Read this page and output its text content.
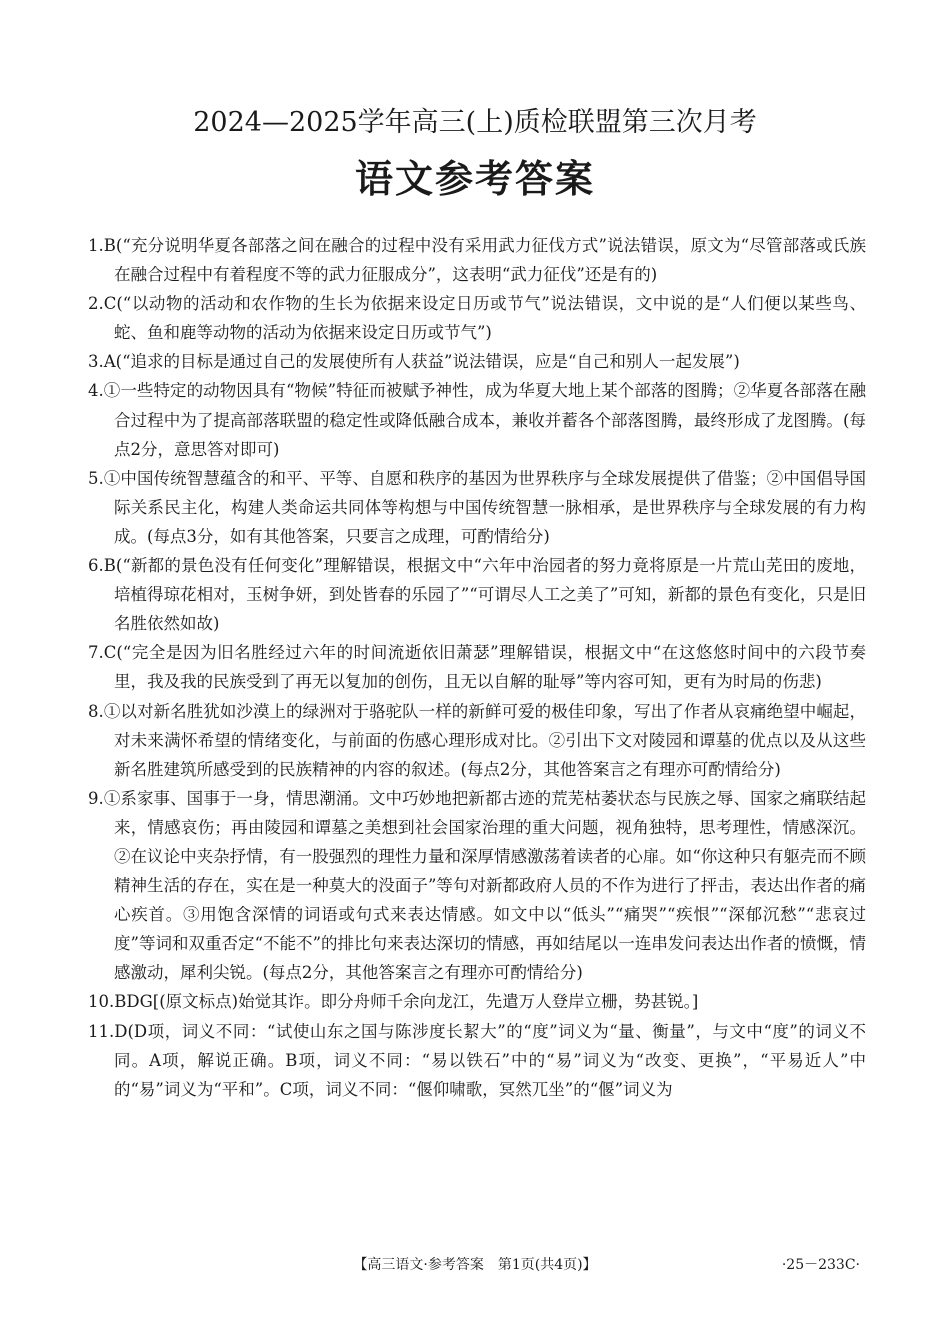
2024—2025学年高三(上)质检联盟第三次月考
语文参考答案
1.B(“充分说明华夏各部落之间在融合的过程中没有采用武力征伐方式”说法错误，原文为“尽管部落或氏族在融合过程中有着程度不等的武力征服成分”，这表明“武力征伐”还是有的)
2.C(“以动物的活动和农作物的生长为依据来设定日历或节气”说法错误，文中说的是“人们便以某些鸟、蛇、鱼和鹿等动物的活动为依据来设定日历或节气”)
3.A(“追求的目标是通过自己的发展使所有人获益”说法错误，应是“自己和别人一起发展”)
4.①一些特定的动物因具有“物候”特征而被赋予神性，成为华夏大地上某个部落的图腾；②华夏各部落在融合过程中为了提高部落联盟的稳定性或降低融合成本，兼收并蓄各个部落图腾，最终形成了龙图腾。(每点2分，意思答对即可)
5.①中国传统智慧蕴含的和平、平等、自愿和秩序的基因为世界秩序与全球发展提供了借鉴；②中国倡导国际关系民主化，构建人类命运共同体等构想与中国传统智慧一脉相承，是世界秩序与全球发展的有力构成。(每点3分，如有其他答案，只要言之成理，可酌情给分)
6.B(“新都的景色没有任何变化”理解错误，根据文中“六年中治园者的努力竟将原是一片荒山芜田的废地，培植得琼花相对，玉树争妍，到处皆春的乐园了”“可谓尽人工之美了”可知，新都的景色有变化，只是旧名胜依然如故)
7.C(“完全是因为旧名胜经过六年的时间流逝依旧萧瑟”理解错误，根据文中“在这悠悠时间中的六段节奏里，我及我的民族受到了再无以复加的创伤，且无以自解的耻辱”等内容可知，更有为时局的伤悲)
8.①以对新名胜犹如沙漠上的绿洲对于骆驼队一样的新鲜可爱的极佳印象，写出了作者从哀痛绝望中崛起，对未来满怀希望的情绪变化，与前面的伤感心理形成对比。②引出下文对陵园和谭墓的优点以及从这些新名胜建筑所感受到的民族精神的内容的叙述。(每点2分，其他答案言之有理亦可酌情给分)
9.①系家事、国事于一身，情思潮涌。文中巧妙地把新都古迹的荒芜枯萎状态与民族之辱、国家之痛联结起来，情感哀伤；再由陵园和谭墓之美想到社会国家治理的重大问题，视角独特，思考理性，情感深沉。②在议论中夹杂抒情，有一股强烈的理性力量和深厚情感激荡着读者的心扉。如“你这种只有躯壳而不顾精神生活的存在，实在是一种莫大的没面子”等句对新都政府人员的不作为进行了抨击，表达出作者的痛心疾首。③用饱含深情的词语或句式来表达情感。如文中以“低头”“痛哭”“疾恨”“深郁沉愁”“悲哀过度”等词和双重否定“不能不”的排比句来表达深切的情感，再如结尾以一连串发问表达出作者的愤慨，情感激动，犀利尖锐。(每点2分，其他答案言之有理亦可酌情给分)
10.BDG[(原文标点)始觉其诈。即分舟师千余向龙江，先遣万人登岸立栅，势甚锐。]
11.D(D项，词义不同：“试使山东之国与陈涉度长絜大”的“度”词义为“量、衡量”，与文中“度”的词义不同。A项，解说正确。B项，词义不同：“易以铁石”中的“易”词义为“改变、更换”，“平易近人”中的“易”词义为“平和”。C项，词义不同：“偃仰啸歌，冥然兀坐”的“偃”词义为
【高三语文·参考答案　第1页(共4页)】	·25－233C·
